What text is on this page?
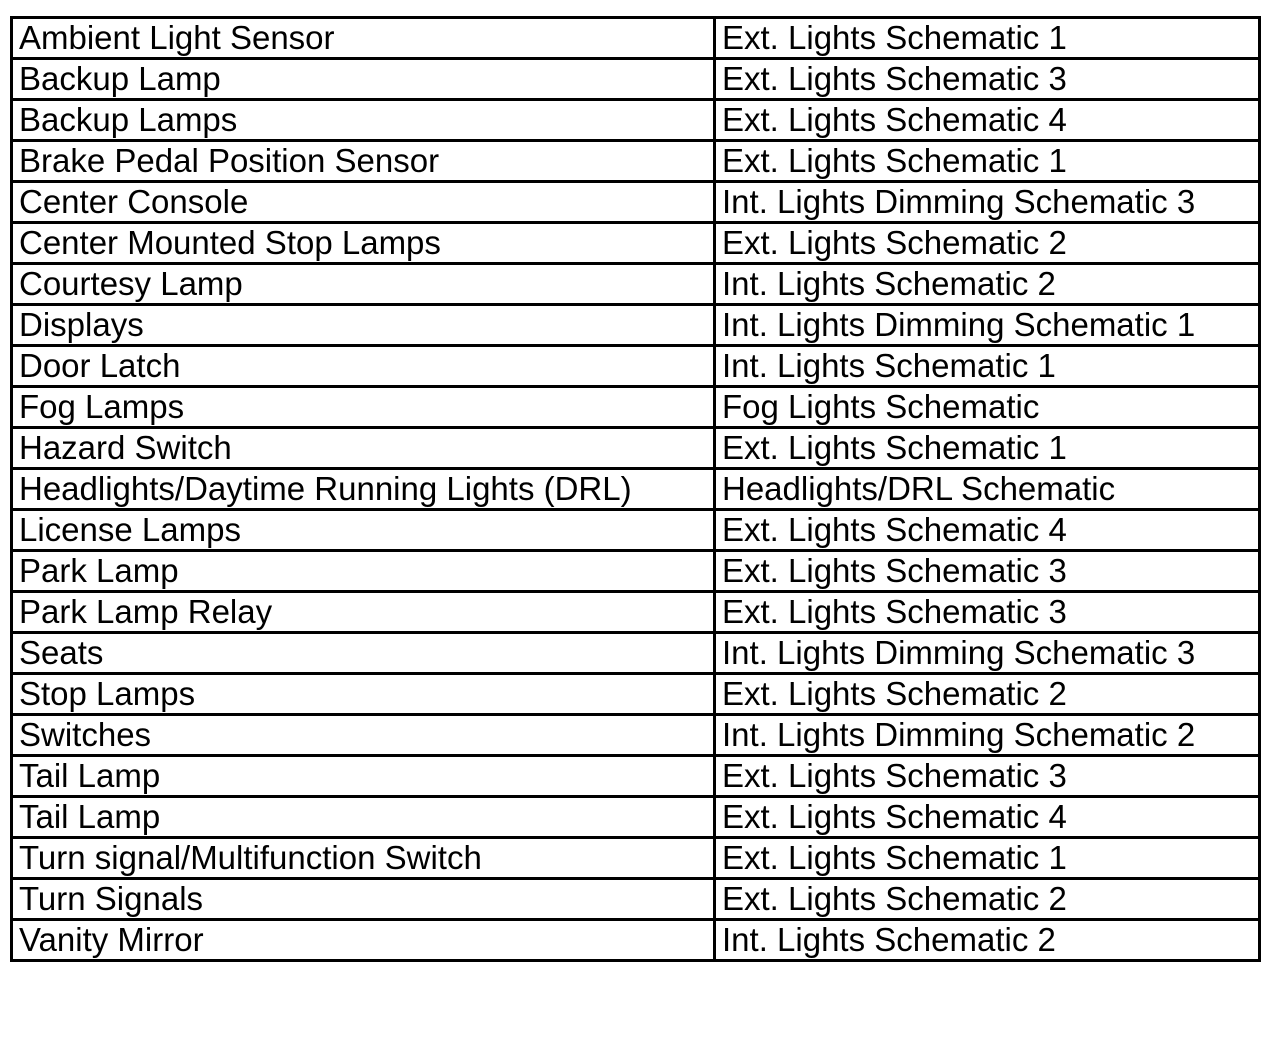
Ambient Light Sensor	Ext. Lights Schematic 1
Backup Lamp	Ext. Lights Schematic 3
Backup Lamps	Ext. Lights Schematic 4
Brake Pedal Position Sensor	Ext. Lights Schematic 1
Center Console	Int. Lights Dimming Schematic 3
Center Mounted Stop Lamps	Ext. Lights Schematic 2
Courtesy Lamp	Int. Lights Schematic 2
Displays	Int. Lights Dimming Schematic 1
Door Latch	Int. Lights Schematic 1
Fog Lamps	Fog Lights Schematic
Hazard Switch	Ext. Lights Schematic 1
Headlights/Daytime Running Lights (DRL)	Headlights/DRL Schematic
License Lamps	Ext. Lights Schematic 4
Park Lamp	Ext. Lights Schematic 3
Park Lamp Relay	Ext. Lights Schematic 3
Seats	Int. Lights Dimming Schematic 3
Stop Lamps	Ext. Lights Schematic 2
Switches	Int. Lights Dimming Schematic 2
Tail Lamp	Ext. Lights Schematic 3
Tail Lamp	Ext. Lights Schematic 4
Turn signal/Multifunction Switch	Ext. Lights Schematic 1
Turn Signals	Ext. Lights Schematic 2
Vanity Mirror	Int. Lights Schematic 2
